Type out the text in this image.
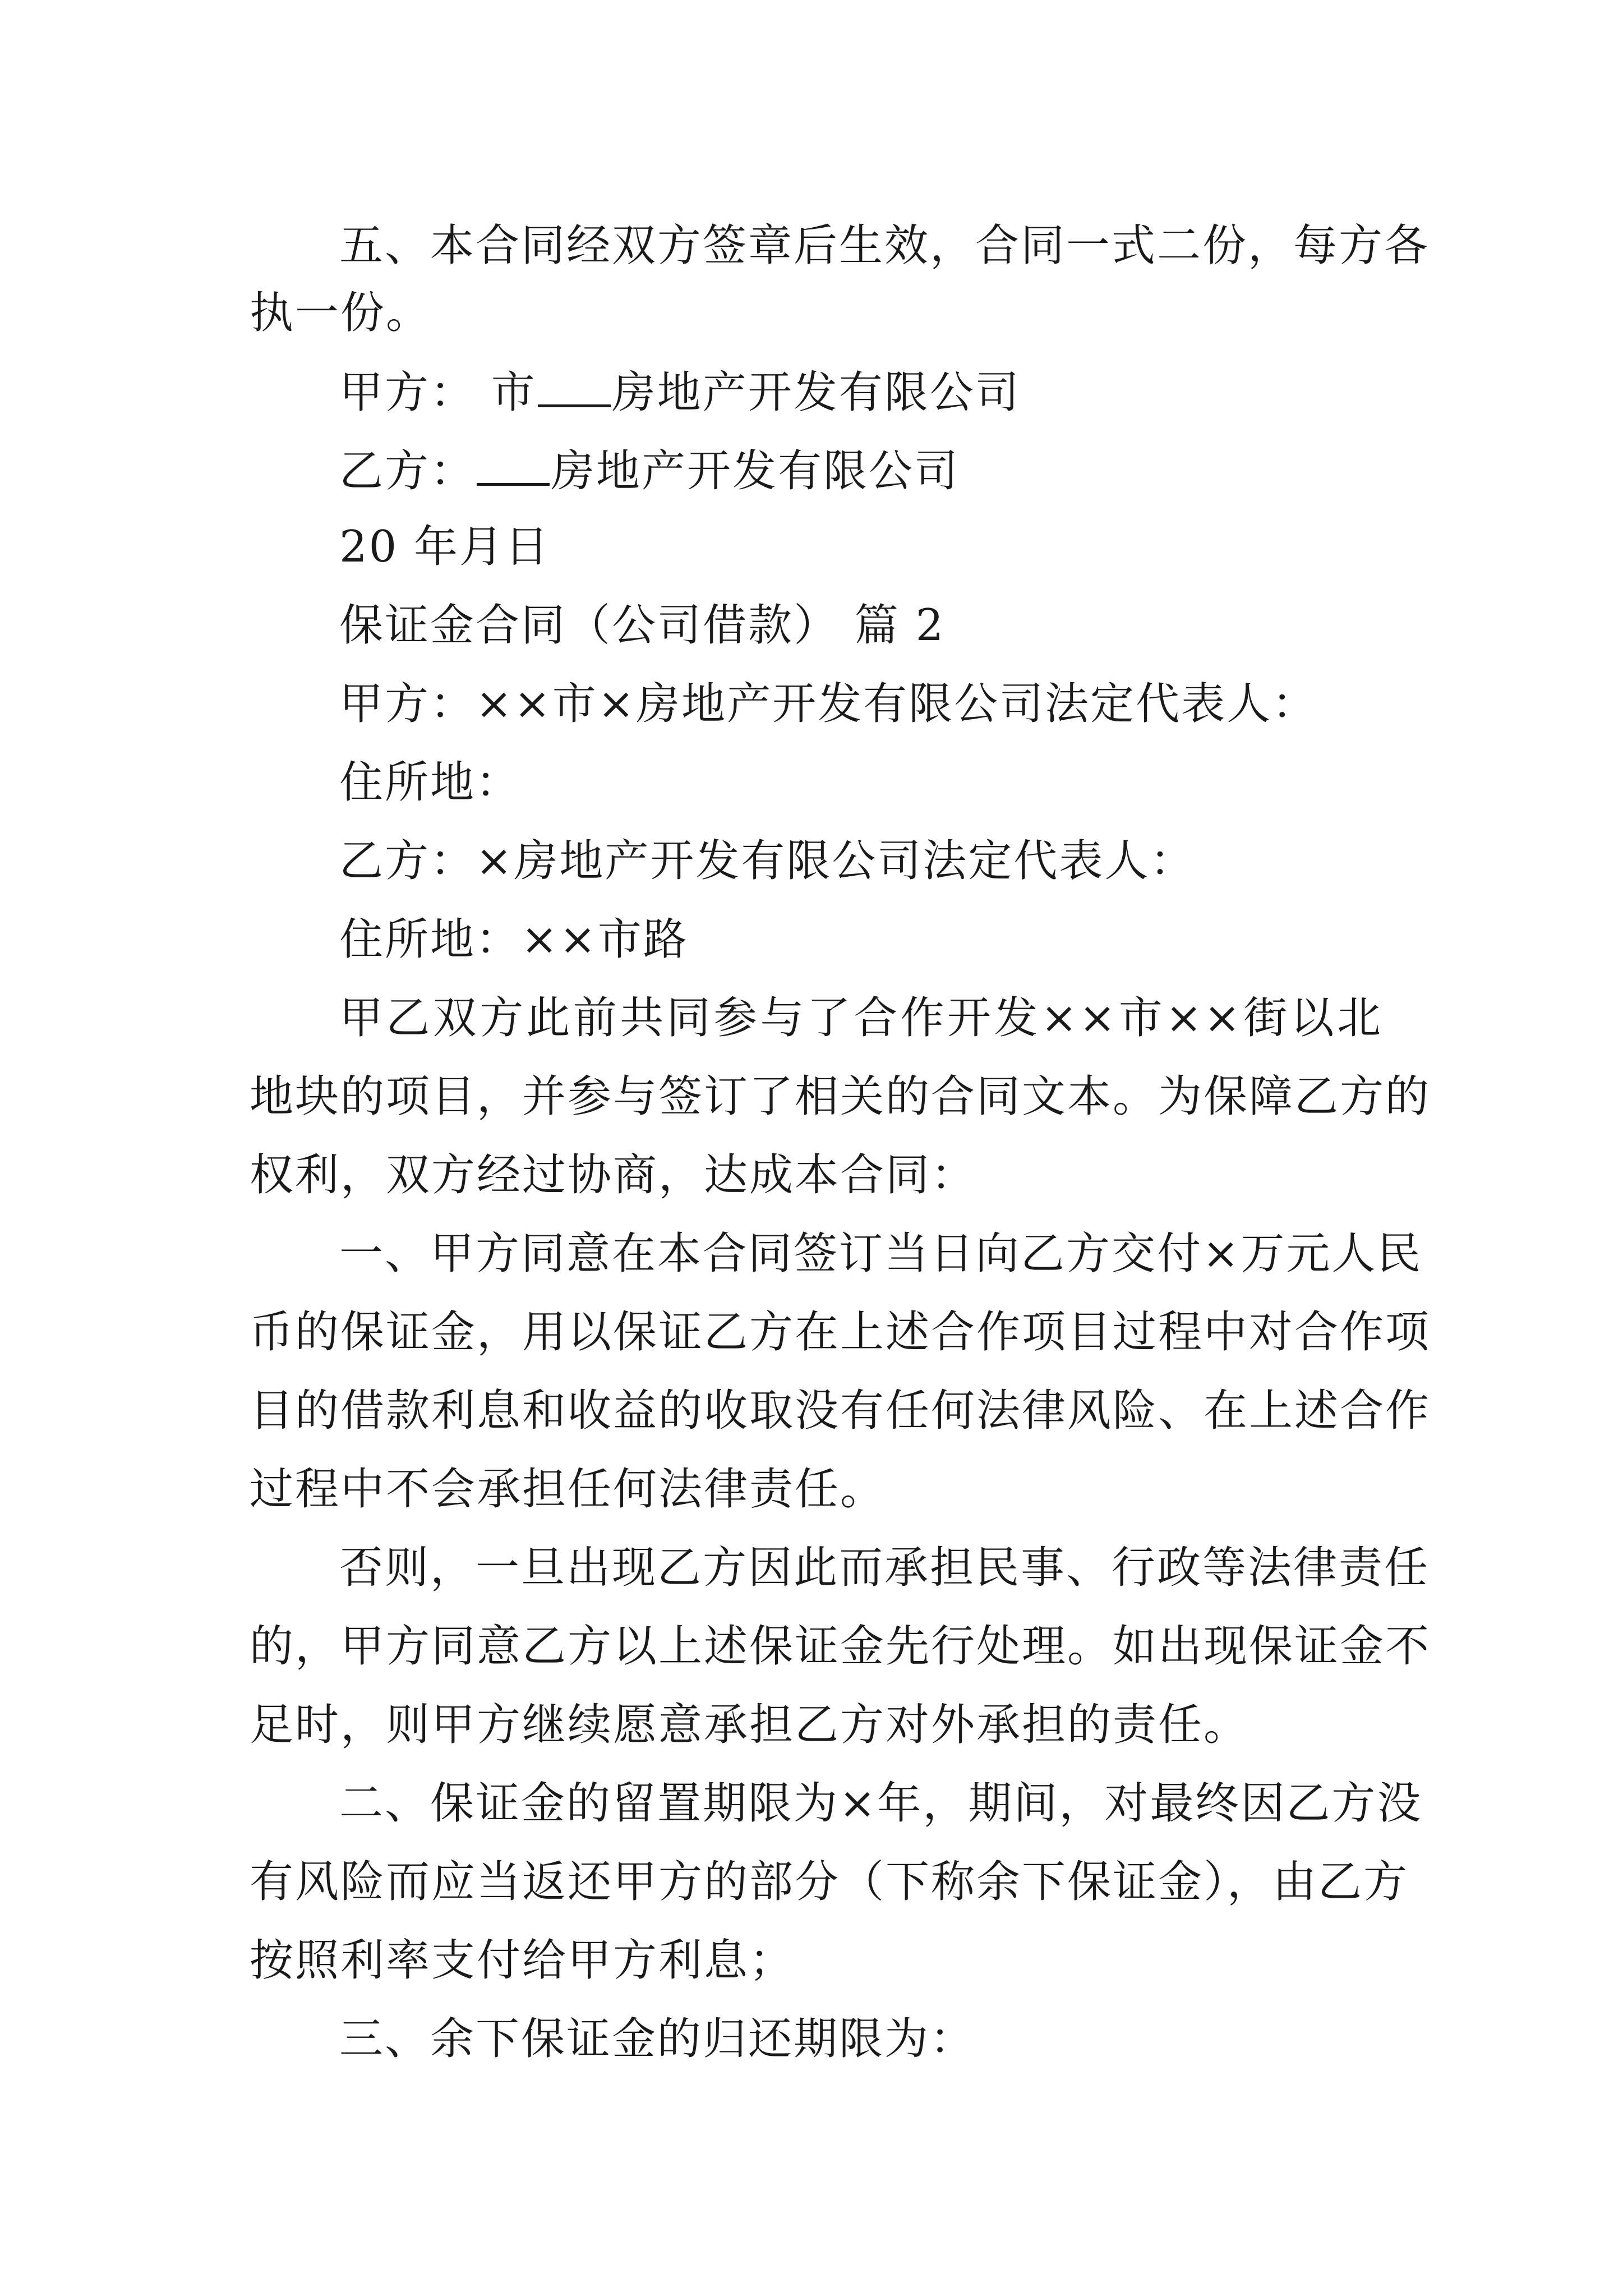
五、本合同经双方签章后生效，合同一式二份，每方各
执一份。
甲方： 市 房地产开发有限公司
乙方： 房地产开发有限公司
20 年月日
保证金合同（公司借款） 篇 2
甲方：××市×房地产开发有限公司法定代表人：
住所地：
乙方：×房地产开发有限公司法定代表人：
住所地：××市路
甲乙双方此前共同参与了合作开发××市××街以北
地块的项目，并参与签订了相关的合同文本。为保障乙方的
权利，双方经过协商，达成本合同：
一、甲方同意在本合同签订当日向乙方交付×万元人民
币的保证金，用以保证乙方在上述合作项目过程中对合作项
目的借款利息和收益的收取没有任何法律风险、在上述合作
过程中不会承担任何法律责任。
否则，一旦出现乙方因此而承担民事、行政等法律责任
的，甲方同意乙方以上述保证金先行处理。如出现保证金不
足时，则甲方继续愿意承担乙方对外承担的责任。
二、保证金的留置期限为×年，期间，对最终因乙方没
有风险而应当返还甲方的部分（下称余下保证金），由乙方
按照利率支付给甲方利息；
三、余下保证金的归还期限为：
